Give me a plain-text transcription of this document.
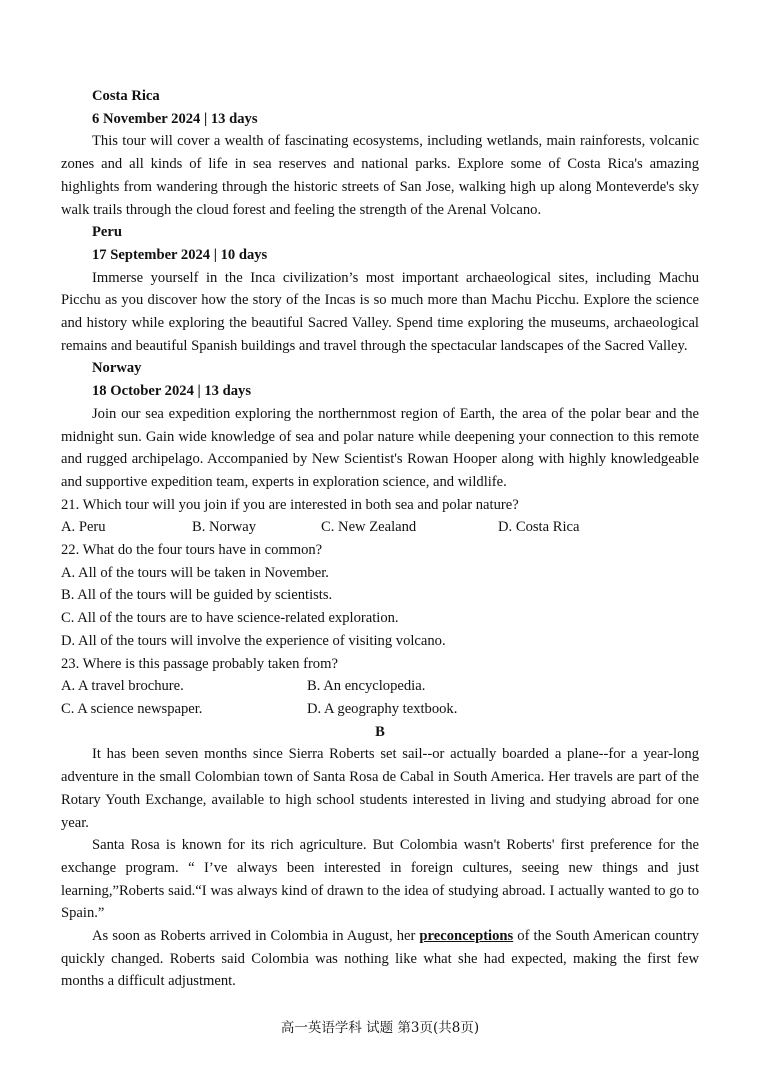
Costa Rica
6 November 2024 | 13 days

This tour will cover a wealth of fascinating ecosystems, including wetlands, main rainforests, volcanic zones and all kinds of life in sea reserves and national parks. Explore some of Costa Rica's amazing highlights from wandering through the historic streets of San Jose, walking high up along Monteverde's sky walk trails through the cloud forest and feeling the strength of the Arenal Volcano.

Peru
17 September 2024 | 10 days

Immerse yourself in the Inca civilization’s most important archaeological sites, including Machu Picchu as you discover how the story of the Incas is so much more than Machu Picchu. Explore the science and history while exploring the beautiful Sacred Valley. Spend time exploring the museums, archaeological remains and beautiful Spanish buildings and travel through the spectacular landscapes of the Sacred Valley.

Norway
18 October 2024 | 13 days

Join our sea expedition exploring the northernmost region of Earth, the area of the polar bear and the midnight sun. Gain wide knowledge of sea and polar nature while deepening your connection to this remote and rugged archipelago. Accompanied by New Scientist's Rowan Hooper along with highly knowledgeable and supportive expedition team, experts in exploration science, and wildlife.

21. Which tour will you join if you are interested in both sea and polar nature?

A. Peru	B. Norway	C. New Zealand	D. Costa Rica

22. What do the four tours have in common?

A. All of the tours will be taken in November.

B. All of the tours will be guided by scientists.

C. All of the tours are to have science-related exploration.

D. All of the tours will involve the experience of visiting volcano.

23. Where is this passage probably taken from?

A. A travel brochure.	B. An encyclopedia.
C. A science newspaper.	D. A geography textbook.
B

It has been seven months since Sierra Roberts set sail--or actually boarded a plane--for a year-long adventure in the small Colombian town of Santa Rosa de Cabal in South America. Her travels are part of the Rotary Youth Exchange, available to high school students interested in living and studying abroad for one year.

Santa Rosa is known for its rich agriculture. But Colombia wasn't Roberts' first preference for the exchange program. “ I’ve always been interested in foreign cultures, seeing new things and just learning,”Roberts said.“I was always kind of drawn to the idea of studying abroad. I actually wanted to go to Spain.”

As soon as Roberts arrived in Colombia in August, her preconceptions of the South American country quickly changed. Roberts said Colombia was nothing like what she had expected, making the first few months a difficult adjustment.

高一英语学科 试题 第3页(共8页)
